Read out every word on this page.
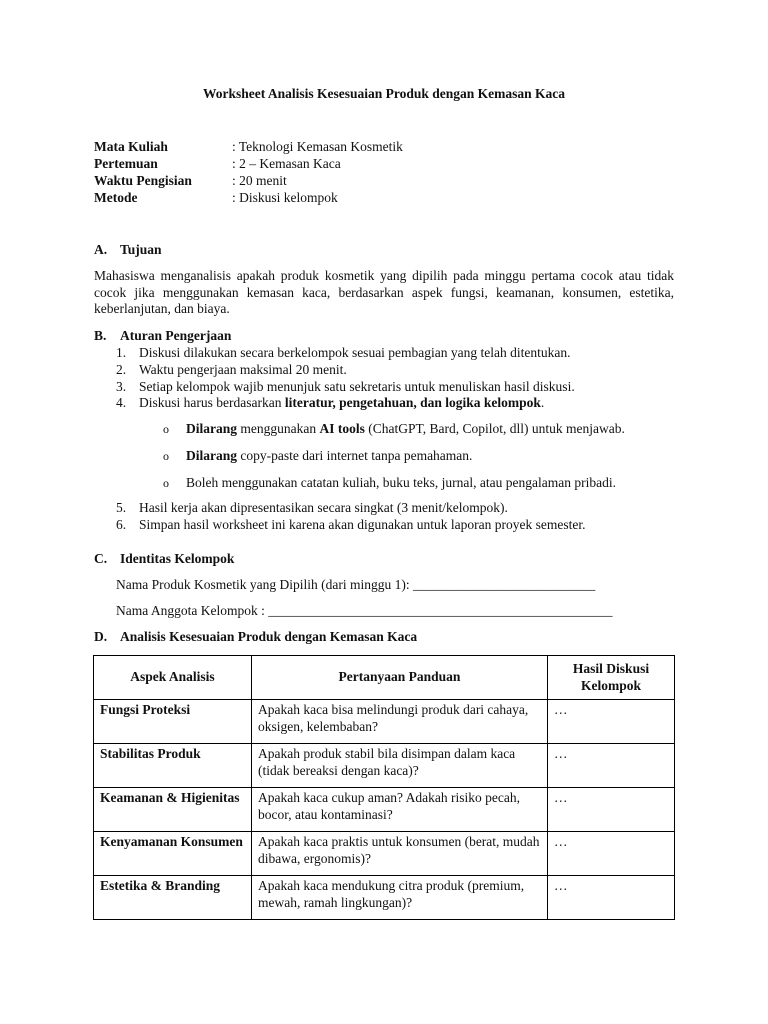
Worksheet Analisis Kesesuaian Produk dengan Kemasan Kaca
Mata Kuliah	: Teknologi Kemasan Kosmetik
Pertemuan	: 2 – Kemasan Kaca
Waktu Pengisian	: 20 menit
Metode	: Diskusi kelompok
A. Tujuan
Mahasiswa menganalisis apakah produk kosmetik yang dipilih pada minggu pertama cocok atau tidak cocok jika menggunakan kemasan kaca, berdasarkan aspek fungsi, keamanan, konsumen, estetika, keberlanjutan, dan biaya.
B.	Aturan Pengerjaan
1. Diskusi dilakukan secara berkelompok sesuai pembagian yang telah ditentukan.
2. Waktu pengerjaan maksimal 20 menit.
3. Setiap kelompok wajib menunjuk satu sekretaris untuk menuliskan hasil diskusi.
4. Diskusi harus berdasarkan literatur, pengetahuan, dan logika kelompok.
o	Dilarang menggunakan AI tools (ChatGPT, Bard, Copilot, dll) untuk menjawab.
o	Dilarang copy-paste dari internet tanpa pemahaman.
o	Boleh menggunakan catatan kuliah, buku teks, jurnal, atau pengalaman pribadi.
5. Hasil kerja akan dipresentasikan secara singkat (3 menit/kelompok).
6. Simpan hasil worksheet ini karena akan digunakan untuk laporan proyek semester.
C. Identitas Kelompok
Nama Produk Kosmetik yang Dipilih (dari minggu 1): ___________________________
Nama Anggota Kelompok : ___________________________________________________
D. Analisis Kesesuaian Produk dengan Kemasan Kaca
Aspek Analisis	Pertanyaan Panduan	Hasil Diskusi Kelompok
Fungsi Proteksi	Apakah kaca bisa melindungi produk dari cahaya, oksigen, kelembaban?	…
Stabilitas Produk	Apakah produk stabil bila disimpan dalam kaca (tidak bereaksi dengan kaca)?	…
Keamanan & Higienitas	Apakah kaca cukup aman? Adakah risiko pecah, bocor, atau kontaminasi?	…
Kenyamanan Konsumen	Apakah kaca praktis untuk konsumen (berat, mudah dibawa, ergonomis)?	…
Estetika & Branding	Apakah kaca mendukung citra produk (premium, mewah, ramah lingkungan)?	…
